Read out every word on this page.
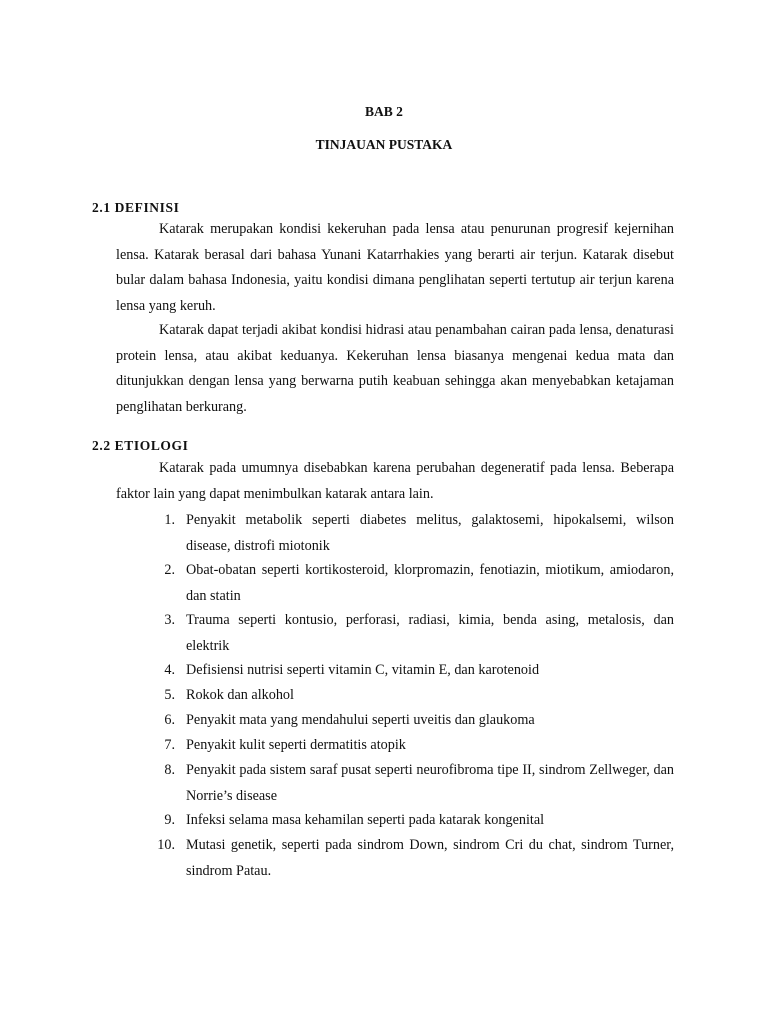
BAB 2
TINJAUAN PUSTAKA
2.1 DEFINISI

Katarak merupakan kondisi kekeruhan pada lensa atau penurunan progresif kejernihan lensa. Katarak berasal dari bahasa Yunani Katarrhakies yang berarti air terjun. Katarak disebut bular dalam bahasa Indonesia, yaitu kondisi dimana penglihatan seperti tertutup air terjun karena lensa yang keruh.

Katarak dapat terjadi akibat kondisi hidrasi atau penambahan cairan pada lensa, denaturasi protein lensa, atau akibat keduanya. Kekeruhan lensa biasanya mengenai kedua mata dan ditunjukkan dengan lensa yang berwarna putih keabuan sehingga akan menyebabkan ketajaman penglihatan berkurang.

2.2 ETIOLOGI

Katarak pada umumnya disebabkan karena perubahan degeneratif pada lensa. Beberapa faktor lain yang dapat menimbulkan katarak antara lain.

1. Penyakit metabolik seperti diabetes melitus, galaktosemi, hipokalsemi, wilson disease, distrofi miotonik

2. Obat-obatan seperti kortikosteroid, klorpromazin, fenotiazin, miotikum, amiodaron, dan statin

3. Trauma seperti kontusio, perforasi, radiasi, kimia, benda asing, metalosis, dan elektrik

4. Defisiensi nutrisi seperti vitamin C, vitamin E, dan karotenoid

5. Rokok dan alkohol

6. Penyakit mata yang mendahului seperti uveitis dan glaukoma

7. Penyakit kulit seperti dermatitis atopik

8. Penyakit pada sistem saraf pusat seperti neurofibroma tipe II, sindrom Zellweger, dan Norrie’s disease

9. Infeksi selama masa kehamilan seperti pada katarak kongenital

10. Mutasi genetik, seperti pada sindrom Down, sindrom Cri du chat, sindrom Turner, sindrom Patau.
